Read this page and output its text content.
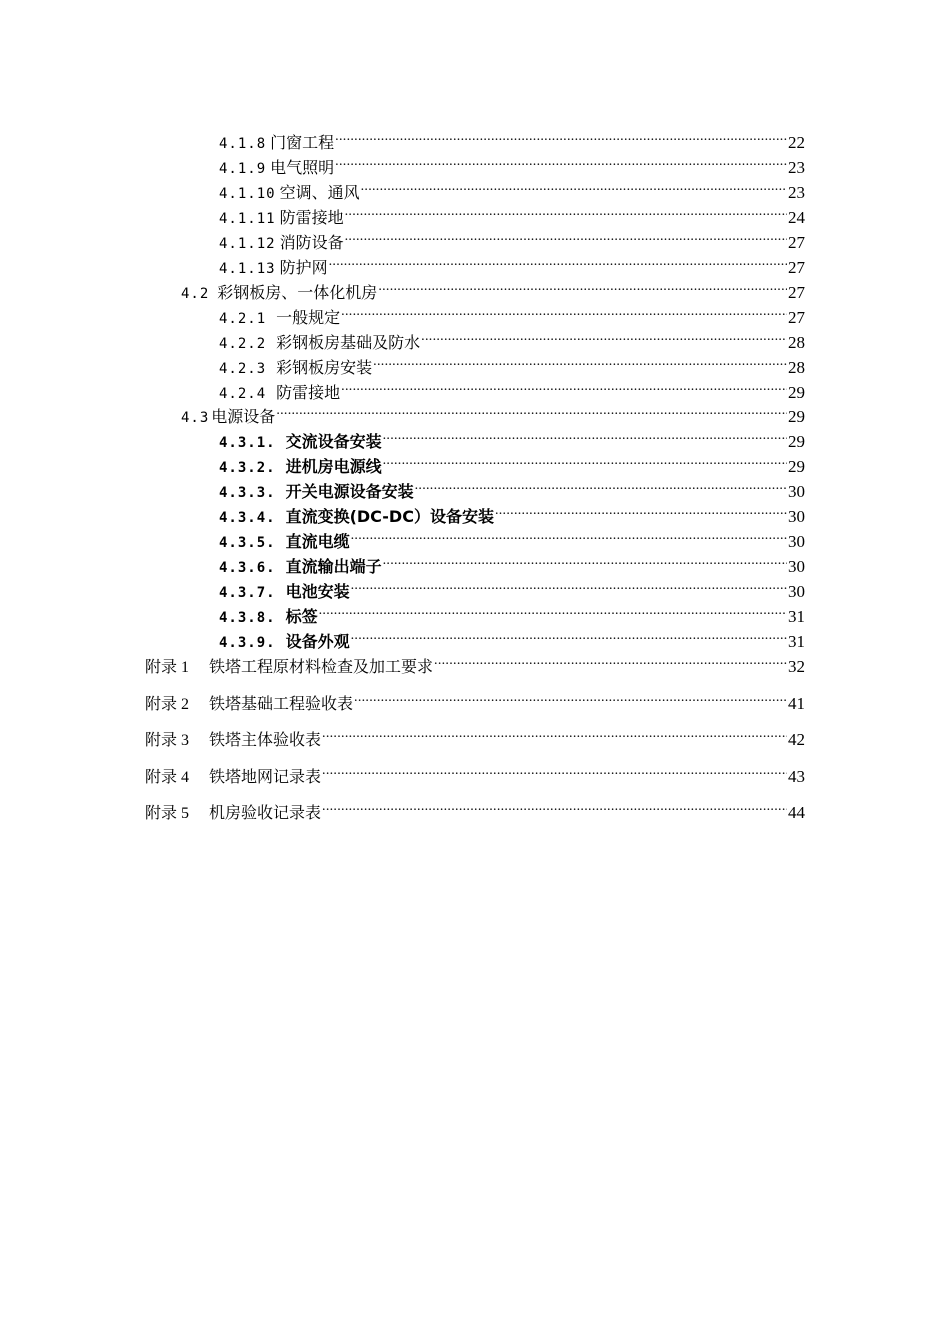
4.1.8 门窗工程 .....	22
4.1.9 电气照明 .....	23
4.1.10 空调、通风 .....	23
4.1.11 防雷接地 .....	24
4.1.12 消防设备 .....	27
4.1.13 防护网 .....	27
4.2 彩钢板房、一体化机房 .....	27
4.2.1 一般规定 .....	27
4.2.2 彩钢板房基础及防水 .....	28
4.2.3 彩钢板房安装 .....	28
4.2.4 防雷接地 .....	29
4.3 电源设备 .....	29
4.3.1. 交流设备安装 .....	29
4.3.2. 进机房电源线 .....	29
4.3.3. 开关电源设备安装 .....	30
4.3.4. 直流变换(DC-DC）设备安装 .....	30
4.3.5. 直流电缆 .....	30
4.3.6. 直流输出端子 .....	30
4.3.7. 电池安装 .....	30
4.3.8. 标签 .....	31
4.3.9. 设备外观 .....	31
附录 1 铁塔工程原材料检查及加工要求 .....	32
附录 2 铁塔基础工程验收表 .....	41
附录 3 铁塔主体验收表 .....	42
附录 4 铁塔地网记录表 .....	43
附录 5 机房验收记录表 .....	44
